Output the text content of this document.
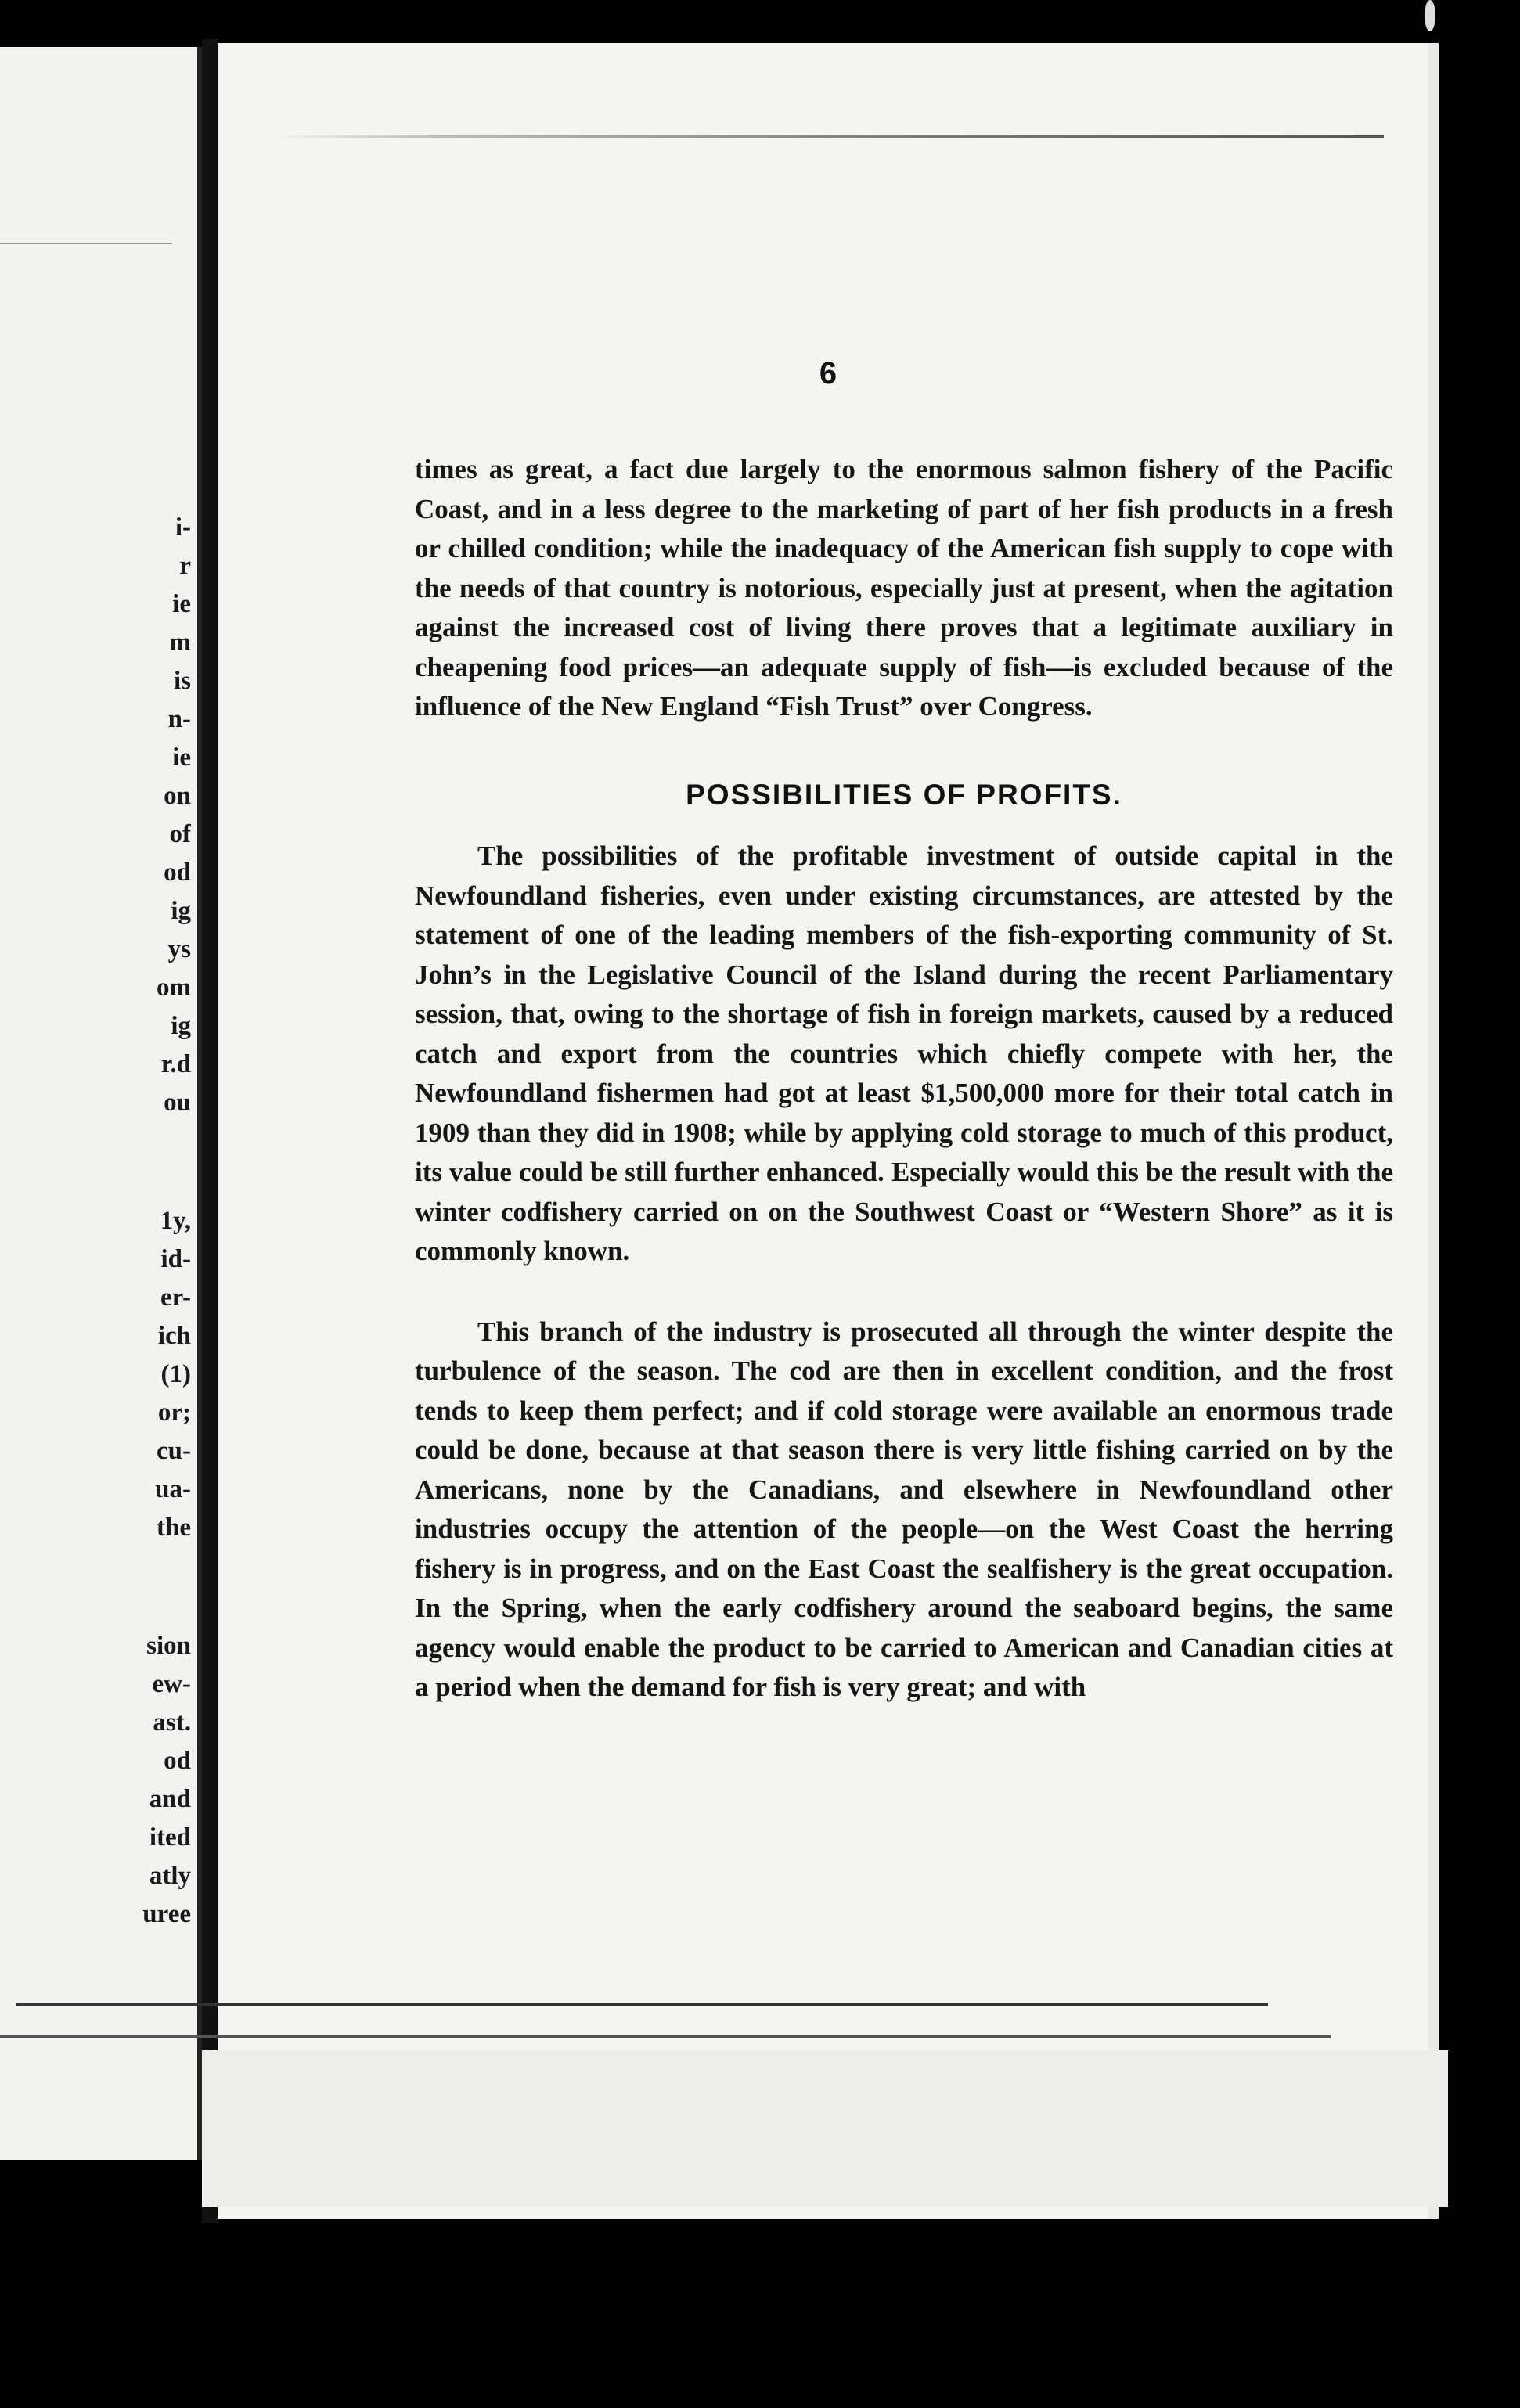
i-
r
ie
m
is
n-
ie
on
of
od
ig
ys
om
ig
r.d
ou
1y,
id-
er-
ich
(1)
or;
cu-
ua-
the
sion
ew-
ast.
od
and
ited
atly
uree
6

times as great, a fact due largely to the enormous salmon fishery of the Pacific Coast, and in a less degree to the marketing of part of her fish products in a fresh or chilled condition; while the inadequacy of the American fish supply to cope with the needs of that country is notorious, especially just at present, when the agitation against the increased cost of living there proves that a legitimate auxiliary in cheapening food prices—an adequate supply of fish—is excluded because of the influence of the New England “Fish Trust” over Congress.

POSSIBILITIES OF PROFITS.

The possibilities of the profitable investment of outside capital in the Newfoundland fisheries, even under existing circumstances, are attested by the statement of one of the leading members of the fish-exporting community of St. John’s in the Legislative Council of the Island during the recent Parliamentary session, that, owing to the shortage of fish in foreign markets, caused by a reduced catch and export from the countries which chiefly compete with her, the Newfoundland fishermen had got at least $1,500,000 more for their total catch in 1909 than they did in 1908; while by applying cold storage to much of this product, its value could be still further enhanced. Especially would this be the result with the winter codfishery carried on on the Southwest Coast or “Western Shore” as it is commonly known.

This branch of the industry is prosecuted all through the winter despite the turbulence of the season. The cod are then in excellent condition, and the frost tends to keep them perfect; and if cold storage were available an enormous trade could be done, because at that season there is very little fishing carried on by the Americans, none by the Canadians, and elsewhere in Newfoundland other industries occupy the attention of the people—on the West Coast the herring fishery is in progress, and on the East Coast the sealfishery is the great occupation. In the Spring, when the early codfishery around the seaboard begins, the same agency would enable the product to be carried to American and Canadian cities at a period when the demand for fish is very great; and with
